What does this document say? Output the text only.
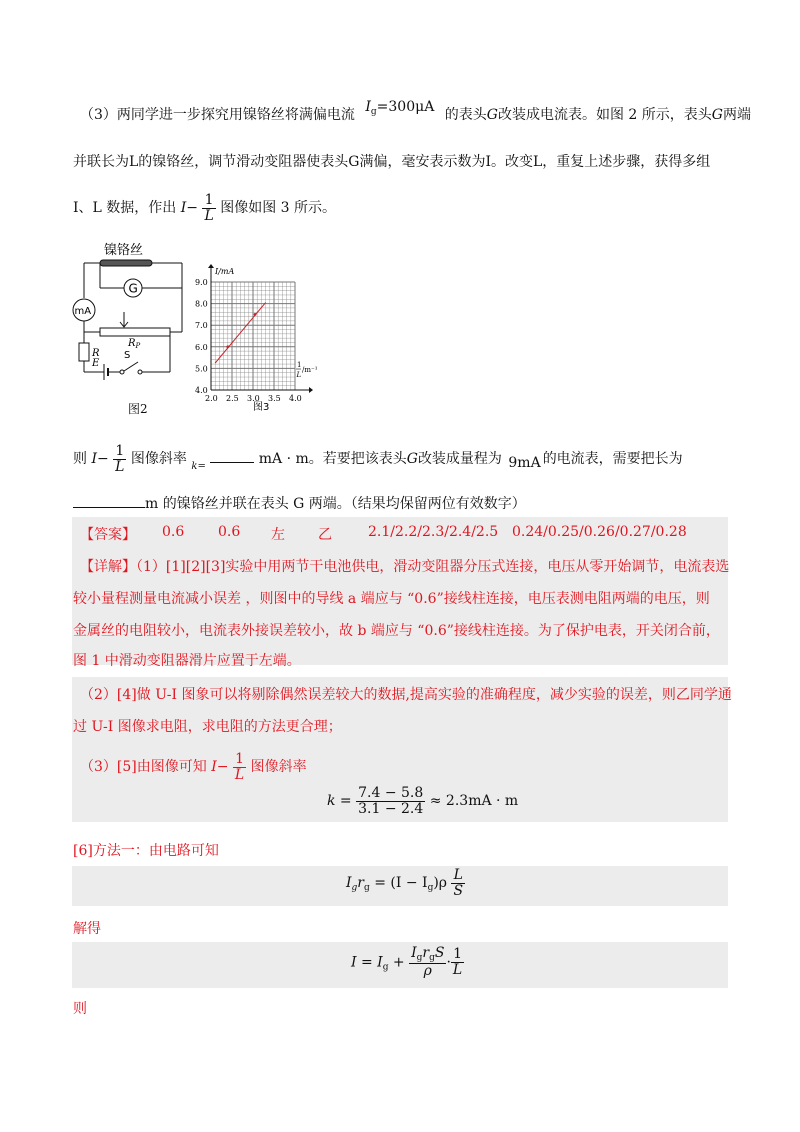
（3）两同学进一步探究用镍铬丝将满偏电流 $I_g=300\mu A$ 的表头G改装成电流表。如图 2 所示，表头G两端
并联长为L的镍铬丝，调节滑动变阻器使表头G满偏，毫安表示数为I。改变L，重复上述步骤，获得多组
I、L 数据，作出 $I- \frac{1}{L}$ 图像如图 3 所示。
镍铬丝
G
mA
$R_P$
R
E
S
图2
2.0 2.5 3.0 3.5 4.0
4.0
5.0
6.0
7.0
8.0
9.0
I/mA
1
L
/m⁻¹
图3
则 $I- \frac{1}{L}$ 图像斜率 $_{k=}$	mA · m。若要把该表头G改装成量程为 9mA 的电流表，需要把长为
m 的镍铬丝并联在表头 G 两端。（结果均保留两位有效数字）
【答案】 0.6 0.6 左 乙	2.1/2.2/2.3/2.4/2.5 0.24/0.25/0.26/0.27/0.28
【详解】（1）[1][2][3]实验中用两节干电池供电，滑动变阻器分压式连接，电压从零开始调节，电流表选
较小量程测量电流减小误差 ，则图中的导线 a 端应与 “0.6”接线柱连接，电压表测电阻两端的电压，则
金属丝的电阻较小，电流表外接误差较小，故 b 端应与 “0.6”接线柱连接。为了保护电表，开关闭合前，
图 1 中滑动变阻器滑片应置于左端。
（2）[4]做 U-I 图象可以将剔除偶然误差较大的数据,提高实验的准确程度，减少实验的误差，则乙同学通
过 U-I 图像求电阻，求电阻的方法更合理；
（3）[5]由图像可知 $I- \frac{1}{L}$ 图像斜率
$k = \frac{7.4 - 5.8}{3.1 - 2.4} \approx 2.3mA \cdot m$
[6]方法一：由电路可知
$I_gr_g = (I - I_g)\rho \frac{L}{S}$
解得
$I = I_g + \frac{I_gr_gS}{\rho} \cdot \frac{1}{L}$
则
